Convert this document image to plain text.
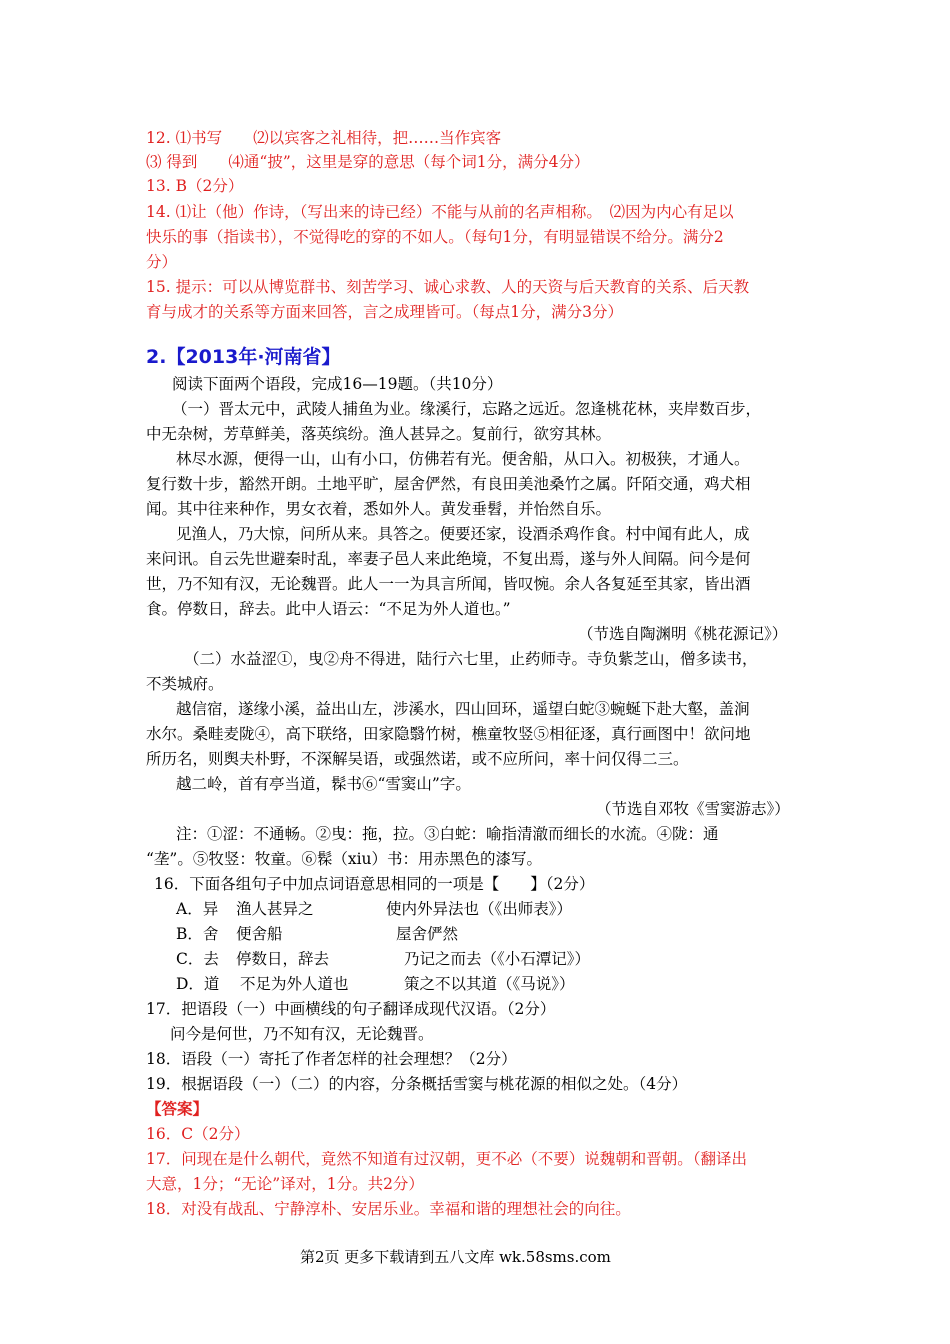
12. ⑴书写　　⑵以宾客之礼相待，把……当作宾客
⑶ 得到　　⑷通“披”，这里是穿的意思（每个词1分，满分4分）
13. B（2分）
14. ⑴让（他）作诗，（写出来的诗已经）不能与从前的名声相称。　⑵因为内心有足以
快乐的事（指读书），不觉得吃的穿的不如人。（每句1分，有明显错误不给分。满分2
分）
15. 提示：可以从博览群书、刻苦学习、诚心求教、人的天资与后天教育的关系、后天教
育与成才的关系等方面来回答，言之成理皆可。（每点1分，满分3分）
2.【2013年·河南省】
阅读下面两个语段，完成16—19题。（共10分）
（一）晋太元中，武陵人捕鱼为业。缘溪行，忘路之远近。忽逢桃花林，夹岸数百步，
中无杂树，芳草鲜美，落英缤纷。渔人甚异之。复前行，欲穷其林。
林尽水源，便得一山，山有小口，仿佛若有光。便舍船，从口入。初极狭，才通人。
复行数十步，豁然开朗。土地平旷，屋舍俨然，有良田美池桑竹之属。阡陌交通，鸡犬相
闻。其中往来种作，男女衣着，悉如外人。黄发垂髫，并怡然自乐。
见渔人，乃大惊，问所从来。具答之。便要还家，设酒杀鸡作食。村中闻有此人，成
来问讯。自云先世避秦时乱，率妻子邑人来此绝境，不复出焉，遂与外人间隔。问今是何
世，乃不知有汉，无论魏晋。此人一一为具言所闻，皆叹惋。余人各复延至其家，皆出酒
食。停数日，辞去。此中人语云：“不足为外人道也。”
（节选自陶渊明《桃花源记》）
（二）水益涩①，曳②舟不得进，陆行六七里，止药师寺。寺负紫芝山，僧多读书，
不类城府。
越信宿，遂缘小溪，益出山左，涉溪水，四山回环，遥望白蛇③蜿蜒下赴大壑，盖涧
水尔。桑畦麦陇④，高下联络，田家隐翳竹树，樵童牧竖⑤相征逐，真行画图中！欲问地
所历名，则舆夫朴野，不深解吴语，或强然诺，或不应所问，率十问仅得二三。
越二岭，首有亭当道，髹书⑥“雪窦山”字。
（节选自邓牧《雪窦游志》）
注：①涩：不通畅。②曳：拖，拉。③白蛇：喻指清澈而细长的水流。④陇：通
“垄”。⑤牧竖：牧童。⑥髹（xiu）书：用赤黑色的漆写。
16．下面各组句子中加点词语意思相同的一项是【　　】（2分）
A．异 渔人甚异之	使内外异法也（《出师表》）
B．舍 便舍船	屋舍俨然
C．去 停数日，辞去	乃记之而去（《小石潭记》）
D．道 不足为外人道也	策之不以其道（《马说》）
17．把语段（一）中画横线的句子翻译成现代汉语。（2分）
问今是何世，乃不知有汉，无论魏晋。
18．语段（一）寄托了作者怎样的社会理想？（2分）
19．根据语段（一）（二）的内容，分条概括雪窦与桃花源的相似之处。（4分）
【答案】
16．C（2分）
17．问现在是什么朝代，竟然不知道有过汉朝，更不必（不要）说魏朝和晋朝。（翻译出
大意，1分；“无论”译对，1分。共2分）
18．对没有战乱、宁静淳朴、安居乐业。幸福和谐的理想社会的向往。
第2页 更多下载请到五八文库 wk.58sms.com
